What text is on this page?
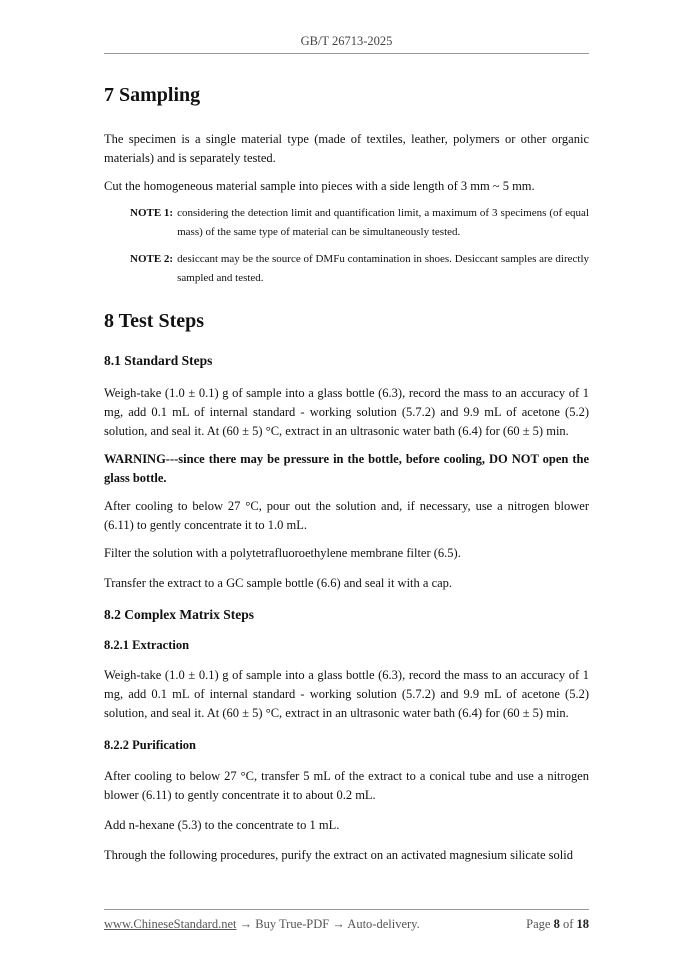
GB/T 26713-2025
7 Sampling

The specimen is a single material type (made of textiles, leather, polymers or other organic materials) and is separately tested.

Cut the homogeneous material sample into pieces with a side length of 3 mm ~ 5 mm.

NOTE 1: considering the detection limit and quantification limit, a maximum of 3 specimens (of equal mass) of the same type of material can be simultaneously tested.
NOTE 2: desiccant may be the source of DMFu contamination in shoes. Desiccant samples are directly sampled and tested.
8 Test Steps
8.1 Standard Steps

Weigh-take (1.0 ± 0.1) g of sample into a glass bottle (6.3), record the mass to an accuracy of 1 mg, add 0.1 mL of internal standard - working solution (5.7.2) and 9.9 mL of acetone (5.2) solution, and seal it. At (60 ± 5) °C, extract in an ultrasonic water bath (6.4) for (60 ± 5) min.

WARNING---since there may be pressure in the bottle, before cooling, DO NOT open the glass bottle.

After cooling to below 27 °C, pour out the solution and, if necessary, use a nitrogen blower (6.11) to gently concentrate it to 1.0 mL.

Filter the solution with a polytetrafluoroethylene membrane filter (6.5).

Transfer the extract to a GC sample bottle (6.6) and seal it with a cap.

8.2 Complex Matrix Steps
8.2.1 Extraction

Weigh-take (1.0 ± 0.1) g of sample into a glass bottle (6.3), record the mass to an accuracy of 1 mg, add 0.1 mL of internal standard - working solution (5.7.2) and 9.9 mL of acetone (5.2) solution, and seal it. At (60 ± 5) °C, extract in an ultrasonic water bath (6.4) for (60 ± 5) min.

8.2.2 Purification

After cooling to below 27 °C, transfer 5 mL of the extract to a conical tube and use a nitrogen blower (6.11) to gently concentrate it to about 0.2 mL.

Add n-hexane (5.3) to the concentrate to 1 mL.

Through the following procedures, purify the extract on an activated magnesium silicate solid

www.ChineseStandard.net → Buy True-PDF → Auto-delivery.	Page 8 of 18
